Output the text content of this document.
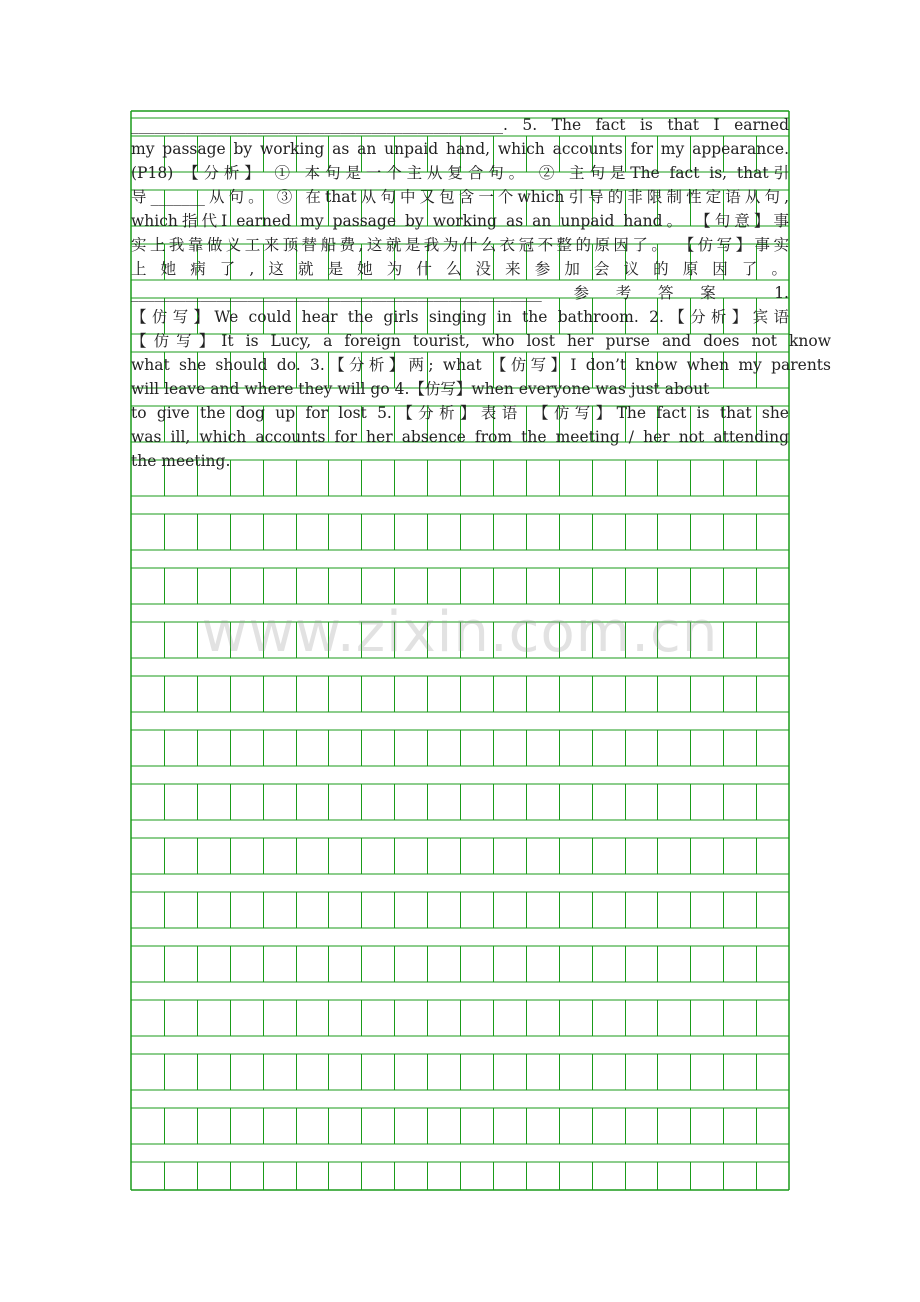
www.zixin.com.cn
________________________________________________. 5. The fact is that I earned
my passage by working as an unpaid hand, which accounts for my appearance.
(P18) 【分析】 ① 本句是一个主从复合句。 ② 主句是The fact is, that引
导_______从句。 ③ 在that从句中又包含一个which引导的非限制性定语从句,
which指代I earned my passage by working as an unpaid hand。 【句意】事
实上我靠做义工来顶替船费,这就是我为什么衣冠不整的原因了。 【仿写】事实
上她病了,这就是她为什么没来参加会议的原因了。
_____________________________________________________ 参考答案 1.
【仿写】We could hear the girls singing in the bathroom. 2.【分析】宾语
【仿写】It is Lucy, a foreign tourist, who lost her purse and does not know
what she should do. 3.【分析】两; what 【仿写】I don’t know when my parents
will leave and where they will go 4.【仿写】when everyone was just about
to give the dog up for lost 5.【分析】表语 【仿写】The fact is that she
was ill, which accounts for her absence from the meeting / her not attending
the meeting.
